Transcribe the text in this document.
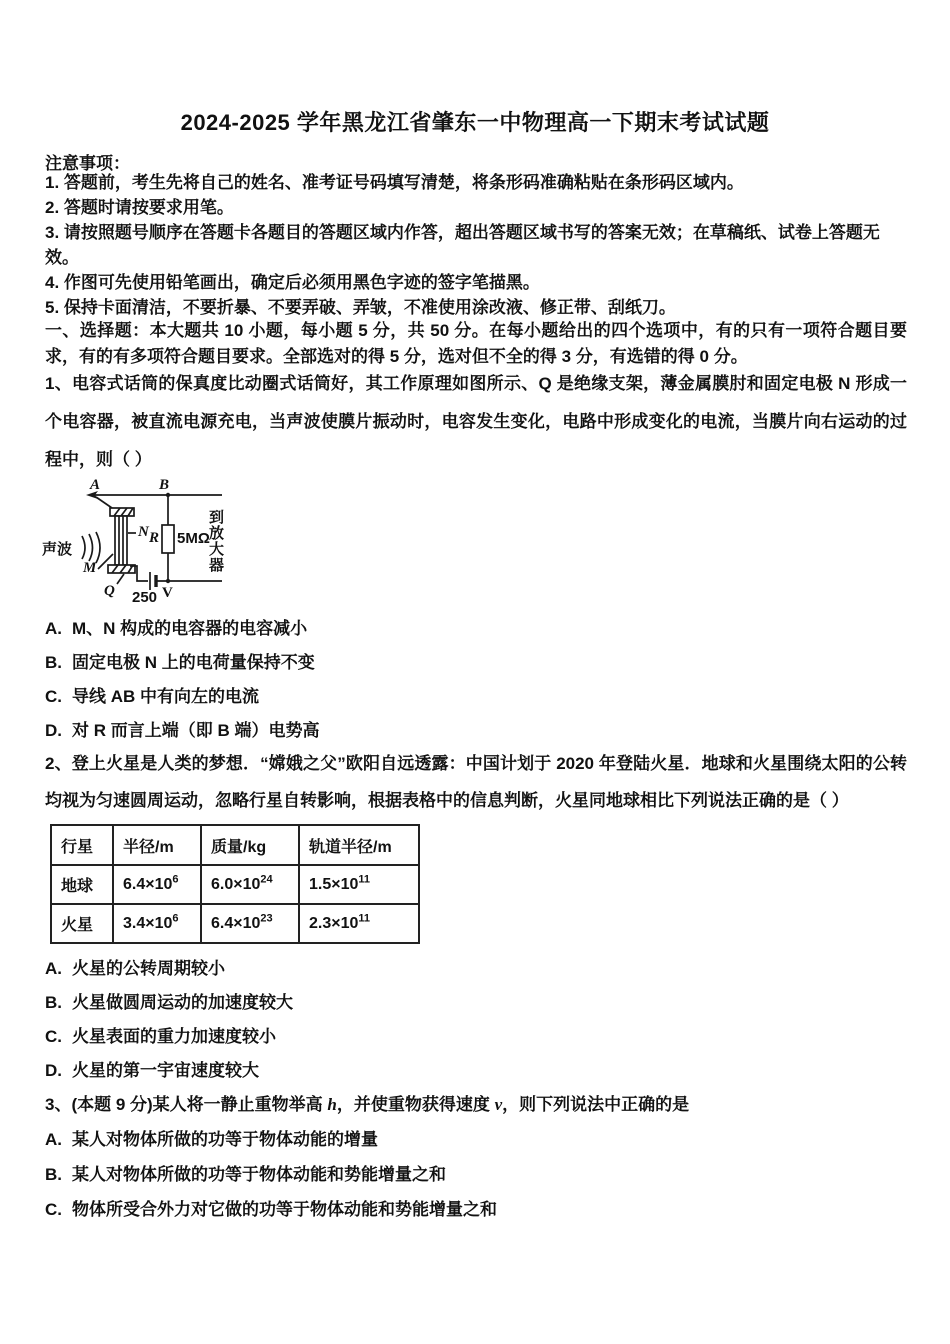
2024-2025 学年黑龙江省肇东一中物理高一下期末考试试题
注意事项：
1. 答题前，考生先将自己的姓名、准考证号码填写清楚，将条形码准确粘贴在条形码区域内。
2. 答题时请按要求用笔。
3. 请按照题号顺序在答题卡各题目的答题区域内作答，超出答题区域书写的答案无效；在草稿纸、试卷上答题无效。
4. 作图可先使用铅笔画出，确定后必须用黑色字迹的签字笔描黑。
5. 保持卡面清洁，不要折暴、不要弄破、弄皱，不准使用涂改液、修正带、刮纸刀。
一、选择题：本大题共 10 小题，每小题 5 分，共 50 分。在每小题给出的四个选项中，有的只有一项符合题目要求，有的有多项符合题目要求。全部选对的得 5 分，选对但不全的得 3 分，有选错的得 0 分。
1、电容式话筒的保真度比动圈式话筒好，其工作原理如图所示、Q 是绝缘支架，薄金属膜肘和固定电极 N 形成一个电容器，被直流电源充电，当声波使膜片振动时，电容发生变化，电路中形成变化的电流，当膜片向右运动的过程中，则（ ）
A	B
N
M
Q
R 5MΩ
250 V
声波	到放大器
A. M、N 构成的电容器的电容减小
B. 固定电极 N 上的电荷量保持不变
C. 导线 AB 中有向左的电流
D. 对 R 而言上端（即 B 端）电势高
2、登上火星是人类的梦想．“嫦娥之父”欧阳自远透露：中国计划于 2020 年登陆火星．地球和火星围绕太阳的公转均视为匀速圆周运动，忽略行星自转影响，根据表格中的信息判断，火星同地球相比下列说法正确的是（ ）
行星	半径/m	质量/kg	轨道半径/m
地球	$6.4\times 10^6$	$6.0\times 10^{24}$	$1.5\times 10^{11}$
火星	$3.4\times 10^6$	$6.4\times 10^{23}$	$2.3\times 10^{11}$
A. 火星的公转周期较小
B. 火星做圆周运动的加速度较大
C. 火星表面的重力加速度较小
D. 火星的第一宇宙速度较大
3、(本题 9 分)某人将一静止重物举高 h，并使重物获得速度 v，则下列说法中正确的是
A. 某人对物体所做的功等于物体动能的增量
B. 某人对物体所做的功等于物体动能和势能增量之和
C. 物体所受合外力对它做的功等于物体动能和势能增量之和
